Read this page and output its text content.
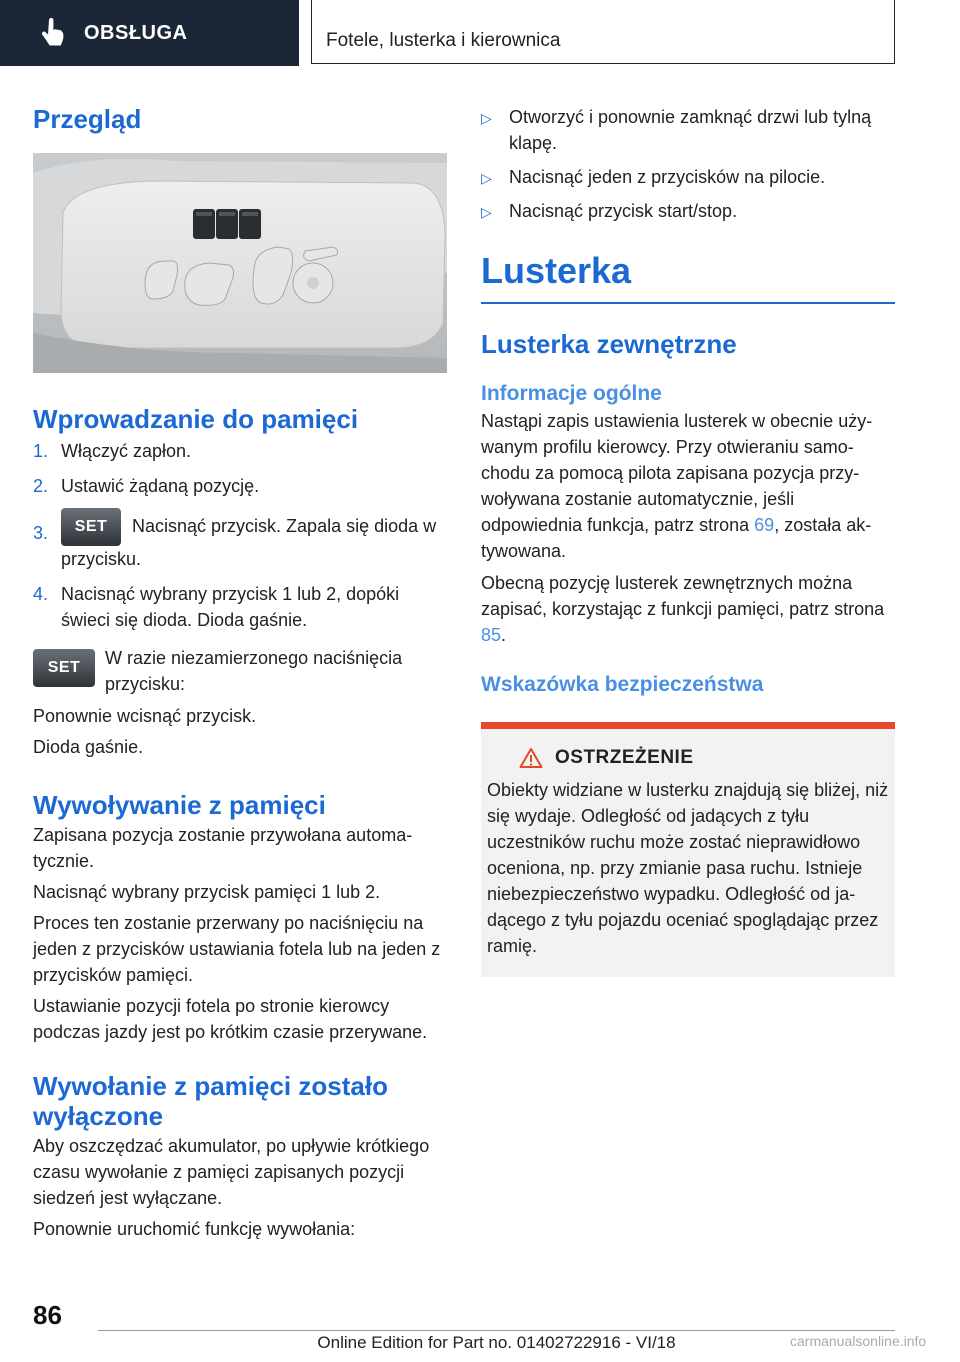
OBSŁUGA	Fotele, lusterka i kierownica
Przegląd
Wprowadzanie do pamięci
1. Włączyć zapłon.
2. Ustawić żądaną pozycję.
3. SET Nacisnąć przycisk. Zapala się dioda w przycisku.
4. Nacisnąć wybrany przycisk 1 lub 2, dopóki świeci się dioda. Dioda gaśnie.
SET	W razie niezamierzonego naciśnięcia przycisku:

Ponownie wcisnąć przycisk.

Dioda gaśnie.

Wywoływanie z pamięci

Zapisana pozycja zostanie przywołana automatycznie.

Nacisnąć wybrany przycisk pamięci 1 lub 2.

Proces ten zostanie przerwany po naciśnięciu na jeden z przycisków ustawiania fotela lub na jeden z przycisków pamięci.

Ustawianie pozycji fotela po stronie kierowcy podczas jazdy jest po krótkim czasie przerywane.

Wywołanie z pamięci zostało wyłączone

Aby oszczędzać akumulator, po upływie krótkiego czasu wywołanie z pamięci zapisanych pozycji siedzeń jest wyłączane.

Ponownie uruchomić funkcję wywołania:

▷ Otworzyć i ponownie zamknąć drzwi lub tylną klapę.
▷ Nacisnąć jeden z przycisków na pilocie.
▷ Nacisnąć przycisk start/stop.
Lusterka
Lusterka zewnętrzne
Informacje ogólne

Nastąpi zapis ustawienia lusterek w obecnie używanym profilu kierowcy. Przy otwieraniu samochodu za pomocą pilota zapisana pozycja przywoływana zostanie automatycznie, jeśli odpowiednia funkcja, patrz strona 69, została aktywowana.

Obecną pozycję lusterek zewnętrznych można zapisać, korzystając z funkcji pamięci, patrz strona 85.

Wskazówka bezpieczeństwa
OSTRZEŻENIE

Obiekty widziane w lusterku znajdują się bliżej, niż się wydaje. Odległość od jadących z tyłu uczestników ruchu może zostać nieprawidłowo oceniona, np. przy zmianie pasa ruchu. Istnieje niebezpieczeństwo wypadku. Odległość od jadącego z tyłu pojazdu oceniać spoglądając przez ramię.

86
Online Edition for Part no. 01402722916 - VI/18	carmanualsonline.info
